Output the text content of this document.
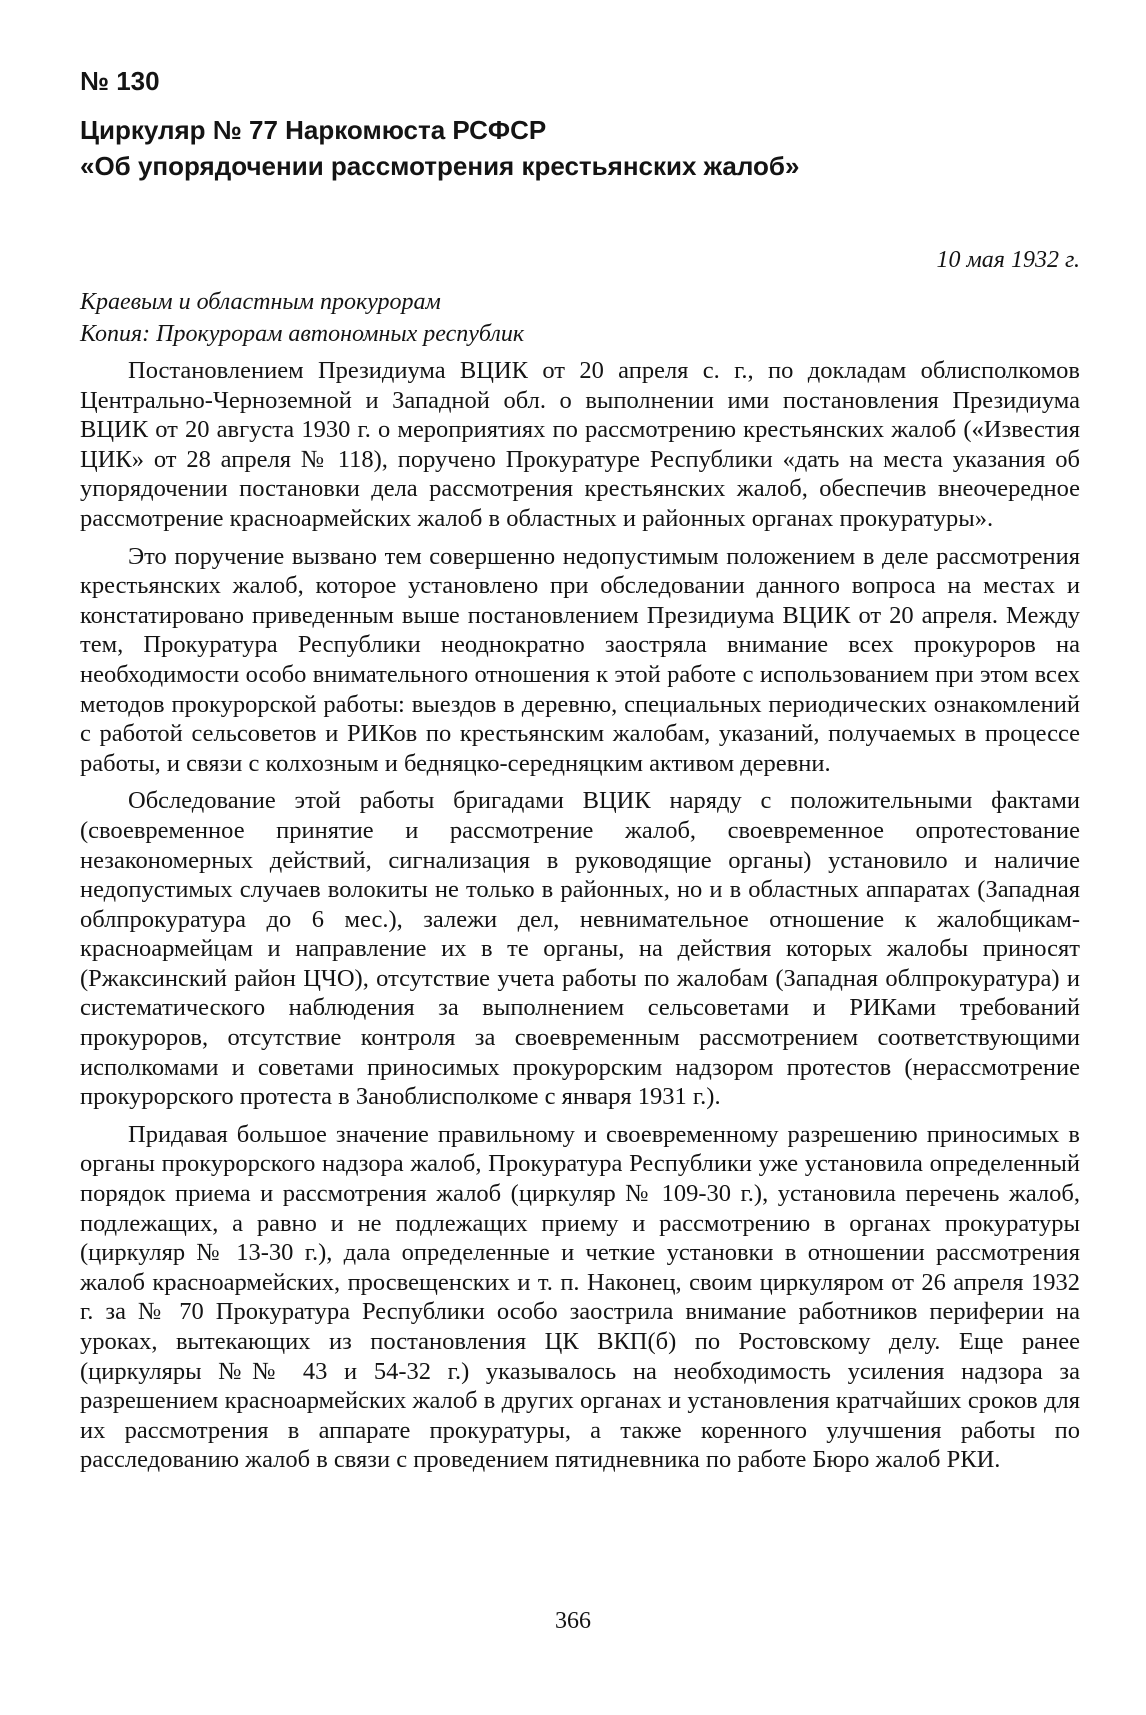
№ 130
Циркуляр № 77 Наркомюста РСФСР
«Об упорядочении рассмотрения крестьянских жалоб»
10 мая 1932 г.
Краевым и областным прокурорам
Копия: Прокурорам автономных республик

Постановлением Президиума ВЦИК от 20 апреля с. г., по докладам облисполкомов Центрально-Черноземной и Западной обл. о выполнении ими постановления Президиума ВЦИК от 20 августа 1930 г. о мероприятиях по рассмотрению крестьянских жалоб («Известия ЦИК» от 28 апреля № 118), поручено Прокуратуре Республики «дать на места указания об упорядочении постановки дела рассмотрения крестьянских жалоб, обеспечив внеочередное рассмотрение красноармейских жалоб в областных и районных органах прокуратуры».

Это поручение вызвано тем совершенно недопустимым положением в деле рассмотрения крестьянских жалоб, которое установлено при обследовании данного вопроса на местах и констатировано приведенным выше постановлением Президиума ВЦИК от 20 апреля. Между тем, Прокуратура Республики неоднократно заостряла внимание всех прокуроров на необходимости особо внимательного отношения к этой работе с использованием при этом всех методов прокурорской работы: выездов в деревню, специальных периодических ознакомлений с работой сельсоветов и РИКов по крестьянским жалобам, указаний, получаемых в процессе работы, и связи с колхозным и бедняцко-середняцким активом деревни.

Обследование этой работы бригадами ВЦИК наряду с положительными фактами (своевременное принятие и рассмотрение жалоб, своевременное опротестование незакономерных действий, сигнализация в руководящие органы) установило и наличие недопустимых случаев волокиты не только в районных, но и в областных аппаратах (Западная облпрокуратура до 6 мес.), залежи дел, невнимательное отношение к жалобщикам-красноармейцам и направление их в те органы, на действия которых жалобы приносят (Ржаксинский район ЦЧО), отсутствие учета работы по жалобам (Западная облпрокуратура) и систематического наблюдения за выполнением сельсоветами и РИКами требований прокуроров, отсутствие контроля за своевременным рассмотрением соответствующими исполкомами и советами приносимых прокурорским надзором протестов (нерассмотрение прокурорского протеста в Заноблисполкоме с января 1931 г.).

Придавая большое значение правильному и своевременному разрешению приносимых в органы прокурорского надзора жалоб, Прокуратура Республики уже установила определенный порядок приема и рассмотрения жалоб (циркуляр № 109-30 г.), установила перечень жалоб, подлежащих, а равно и не подлежащих приему и рассмотрению в органах прокуратуры (циркуляр № 13-30 г.), дала определенные и четкие установки в отношении рассмотрения жалоб красноармейских, просвещенских и т. п. Наконец, своим циркуляром от 26 апреля 1932 г. за № 70 Прокуратура Республики особо заострила внимание работников периферии на уроках, вытекающих из постановления ЦК ВКП(б) по Ростовскому делу. Еще ранее (циркуляры №№ 43 и 54-32 г.) указывалось на необходимость усиления надзора за разрешением красноармейских жалоб в других органах и установления кратчайших сроков для их рассмотрения в аппарате прокуратуры, а также коренного улучшения работы по расследованию жалоб в связи с проведением пятидневника по работе Бюро жалоб РКИ.

366
